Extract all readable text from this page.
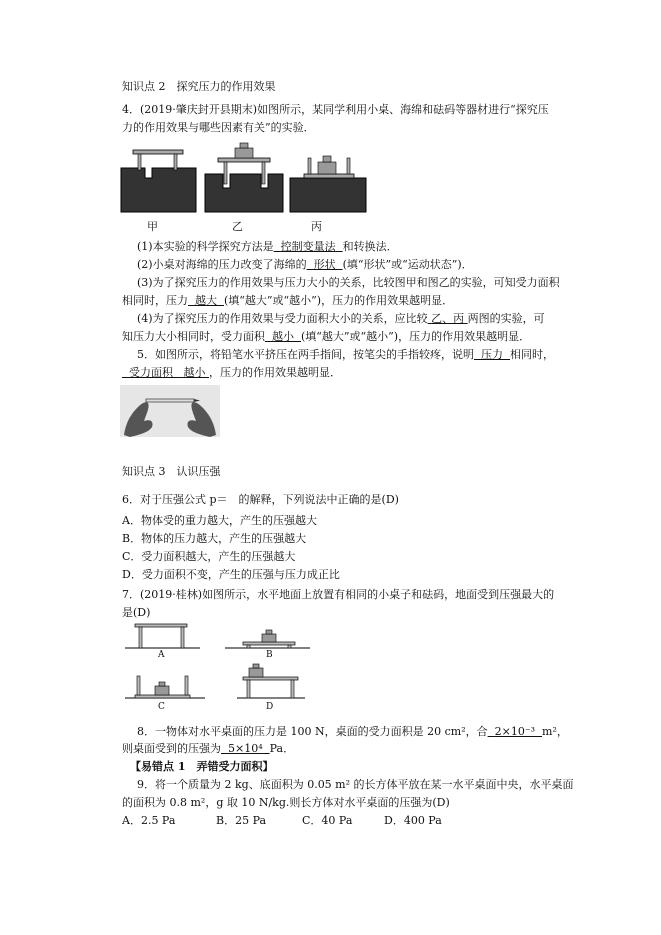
知识点 2　探究压力的作用效果
4．(2019·肇庆封开县期末)如图所示，某同学利用小桌、海绵和砝码等器材进行“探究压
力的作用效果与哪些因素有关”的实验．
甲	乙	丙
(1)本实验的科学探究方法是 控制变量法 和转换法．
(2)小桌对海绵的压力改变了海绵的 形状 (填“形状”或“运动状态”)．
(3)为了探究压力的作用效果与压力大小的关系，比较图甲和图乙的实验，可知受力面积
相同时，压力 越大 (填“越大”或“越小”)，压力的作用效果越明显．
(4)为了探究压力的作用效果与受力面积大小的关系，应比较 乙、丙 两图的实验，可
知压力大小相同时，受力面积 越小 (填“越大”或“越小”)，压力的作用效果越明显．
5．如图所示，将铅笔水平挤压在两手指间，按笔尖的手指较疼，说明 压力 相同时，
受力面积 越小 ，压力的作用效果越明显．
知识点 3　认识压强
6．对于压强公式 p＝　的解释，下列说法中正确的是(D)
A．物体受的重力越大，产生的压强越大
B．物体的压力越大，产生的压强越大
C．受力面积越大，产生的压强越大
D．受力面积不变，产生的压强与压力成正比
7．(2019·桂林)如图所示，水平地面上放置有相同的小桌子和砝码，地面受到压强最大的
是(D)
A	B
C	D
8．一物体对水平桌面的压力是 100 N，桌面的受力面积是 20 cm²，合 2×10⁻³ m²，
则桌面受到的压强为 5×10⁴ Pa．
【易错点 1　弄错受力面积】
9．将一个质量为 2 kg、底面积为 0.05 m² 的长方体平放在某一水平桌面中央，水平桌面
的面积为 0.8 m²，g 取 10 N/kg.则长方体对水平桌面的压强为(D)
A．2.5 Pa	B．25 Pa	C．40 Pa	D．400 Pa
